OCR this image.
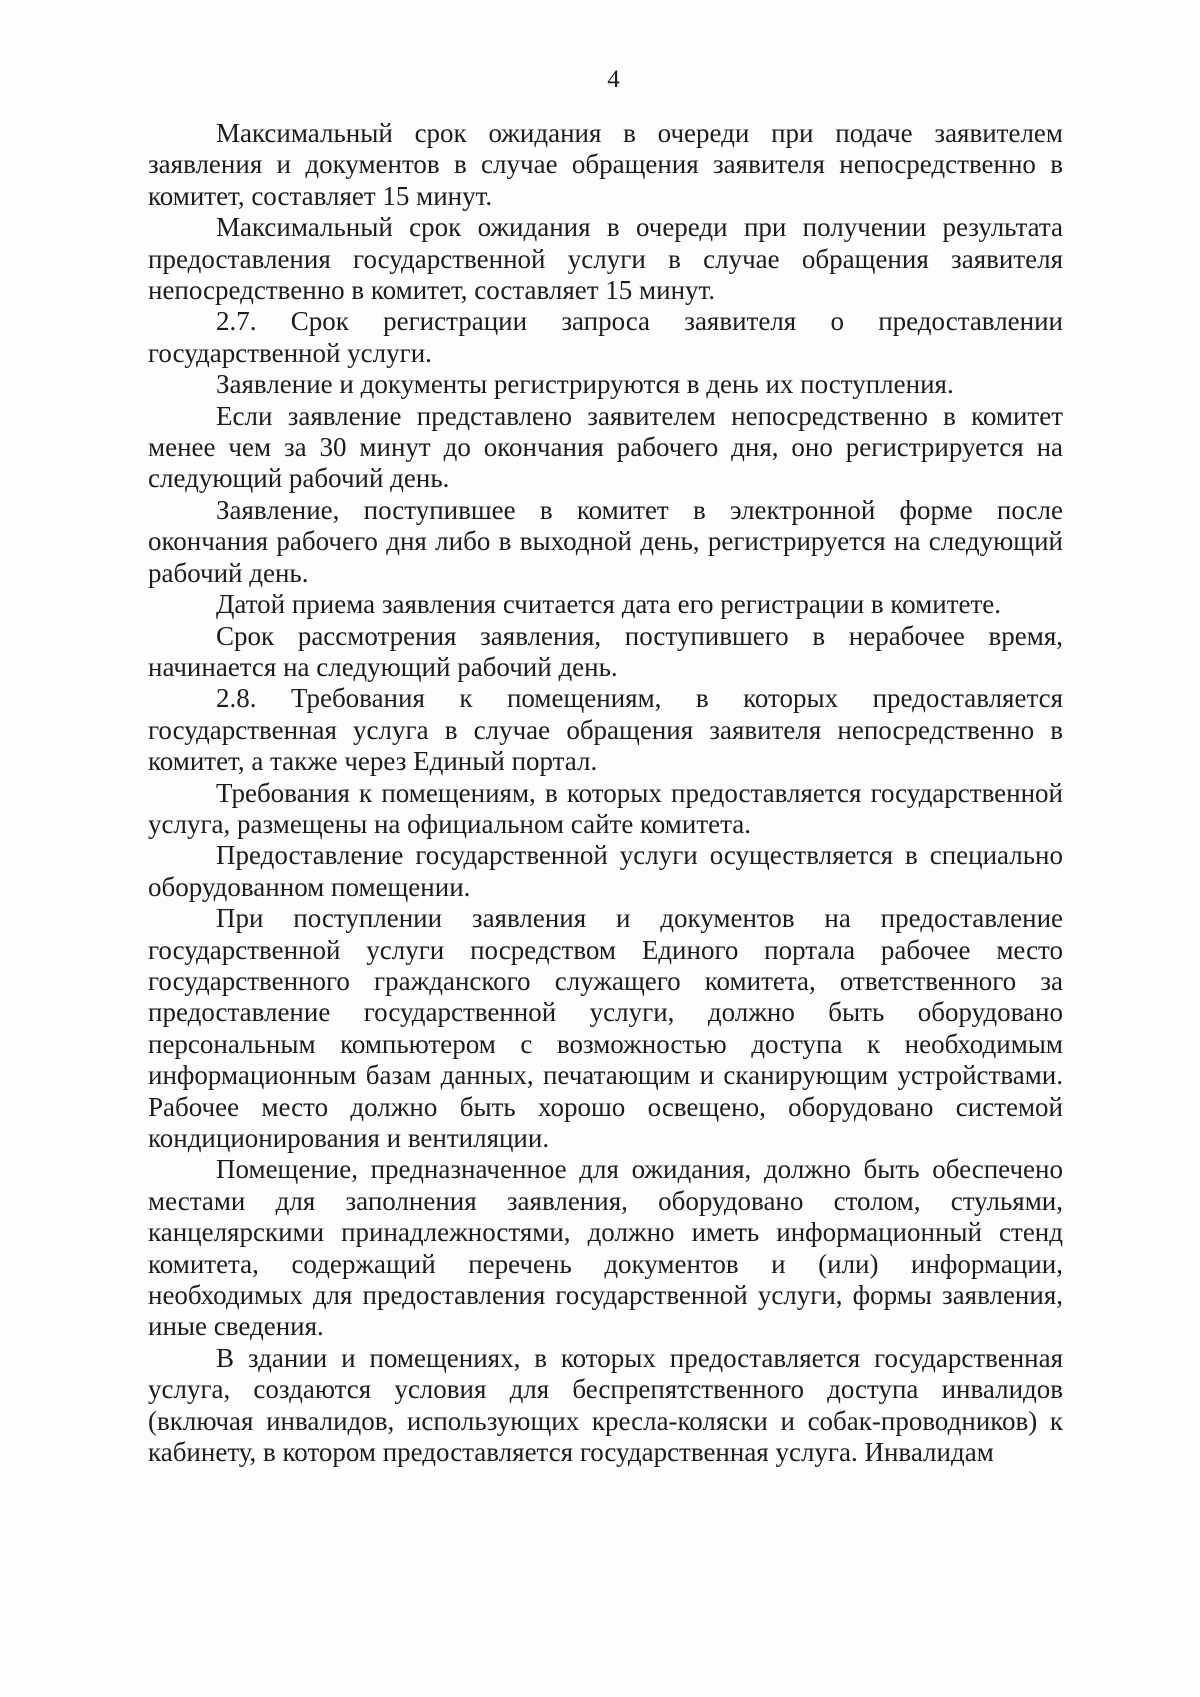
4

Максимальный срок ожидания в очереди при подаче заявителем заявления и документов в случае обращения заявителя непосредственно в комитет, составляет 15 минут.

Максимальный срок ожидания в очереди при получении результата предоставления государственной услуги в случае обращения заявителя непосредственно в комитет, составляет 15 минут.

2.7. Срок регистрации запроса заявителя о предоставлении государственной услуги.

Заявление и документы регистрируются в день их поступления.

Если заявление представлено заявителем непосредственно в комитет менее чем за 30 минут до окончания рабочего дня, оно регистрируется на следующий рабочий день.

Заявление, поступившее в комитет в электронной форме после окончания рабочего дня либо в выходной день, регистрируется на следующий рабочий день.

Датой приема заявления считается дата его регистрации в комитете.

Срок рассмотрения заявления, поступившего в нерабочее время, начинается на следующий рабочий день.

2.8. Требования к помещениям, в которых предоставляется государственная услуга в случае обращения заявителя непосредственно в комитет, а также через Единый портал.

Требования к помещениям, в которых предоставляется государственной услуга, размещены на официальном сайте комитета.

Предоставление государственной услуги осуществляется в специально оборудованном помещении.

При поступлении заявления и документов на предоставление государственной услуги посредством Единого портала рабочее место государственного гражданского служащего комитета, ответственного за предоставление государственной услуги, должно быть оборудовано персональным компьютером с возможностью доступа к необходимым информационным базам данных, печатающим и сканирующим устройствами. Рабочее место должно быть хорошо освещено, оборудовано системой кондиционирования и вентиляции.

Помещение, предназначенное для ожидания, должно быть обеспечено местами для заполнения заявления, оборудовано столом, стульями, канцелярскими принадлежностями, должно иметь информационный стенд комитета, содержащий перечень документов и (или) информации, необходимых для предоставления государственной услуги, формы заявления, иные сведения.

В здании и помещениях, в которых предоставляется государственная услуга, создаются условия для беспрепятственного доступа инвалидов (включая инвалидов, использующих кресла-коляски и собак-проводников) к кабинету, в котором предоставляется государственная услуга. Инвалидам
